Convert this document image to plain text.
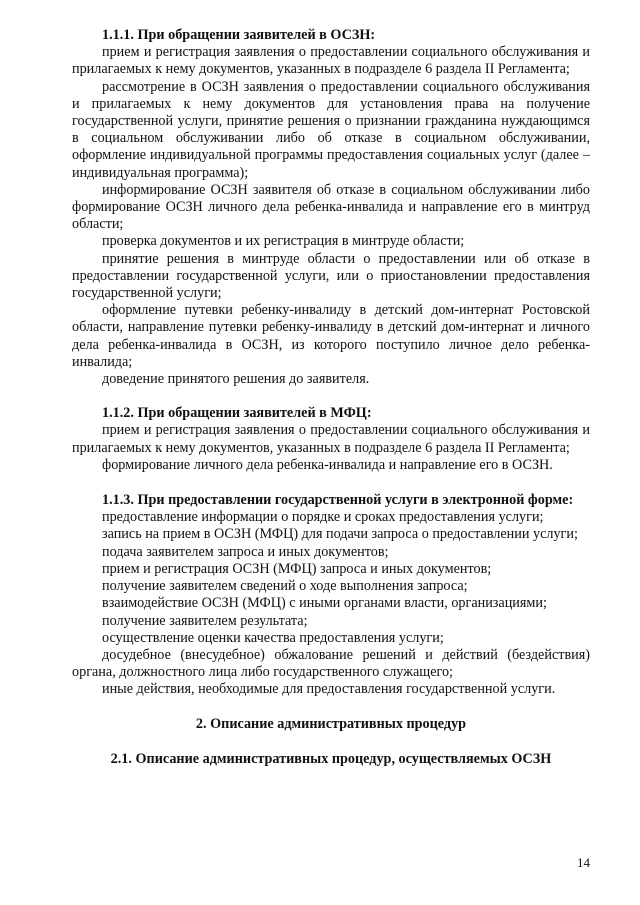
1.1.1. При обращении заявителей в ОСЗН:

прием и регистрация заявления о предоставлении социального обслуживания и прилагаемых к нему документов, указанных в подразделе 6 раздела II Регламента;

рассмотрение в ОСЗН заявления о предоставлении социального обслуживания и прилагаемых к нему документов для установления права на получение государственной услуги, принятие решения о признании гражданина нуждающимся в социальном обслуживании либо об отказе в социальном обслуживании, оформление индивидуальной программы предоставления социальных услуг (далее – индивидуальная программа);

информирование ОСЗН заявителя об отказе в социальном обслуживании либо формирование ОСЗН личного дела ребенка-инвалида и направление его в минтруд области;

проверка документов и их регистрация в минтруде области;

принятие решения в минтруде области о предоставлении или об отказе в предоставлении государственной услуги, или о приостановлении предоставления государственной услуги;

оформление путевки ребенку-инвалиду в детский дом-интернат Ростовской области, направление путевки ребенку-инвалиду в детский дом-интернат и личного дела ребенка-инвалида в ОСЗН, из которого поступило личное дело ребенка-инвалида;

доведение принятого решения до заявителя.

1.1.2. При обращении заявителей в МФЦ:

прием и регистрация заявления о предоставлении социального обслуживания и прилагаемых к нему документов, указанных в подразделе 6 раздела II Регламента;

формирование личного дела ребенка-инвалида и направление его в ОСЗН.

1.1.3. При предоставлении государственной услуги в электронной форме:

предоставление информации о порядке и сроках предоставления услуги;

запись на прием в ОСЗН (МФЦ) для подачи запроса о предоставлении услуги;

подача заявителем запроса и иных документов;

прием и регистрация ОСЗН (МФЦ) запроса и иных документов;

получение заявителем сведений о ходе выполнения запроса;

взаимодействие ОСЗН (МФЦ) с иными органами власти, организациями;

получение заявителем результата;

осуществление оценки качества предоставления услуги;

досудебное (внесудебное) обжалование решений и действий (бездействия) органа, должностного лица либо государственного служащего;

иные действия, необходимые для предоставления государственной услуги.

2. Описание административных процедур

2.1. Описание административных процедур, осуществляемых ОСЗН

14
